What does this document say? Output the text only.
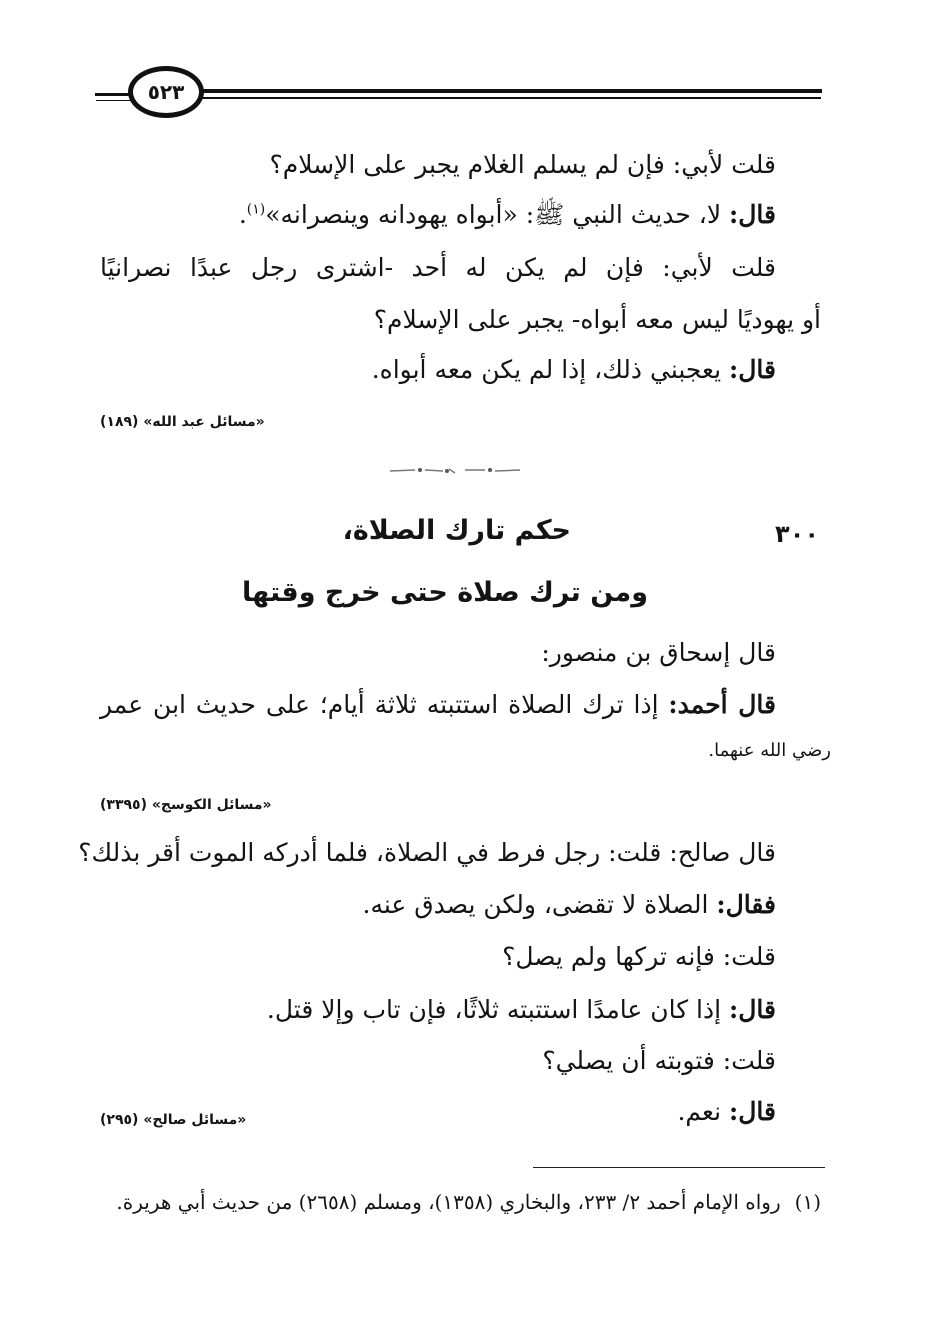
٥٢٣
قلت لأبي: فإن لم يسلم الغلام يجبر على الإسلام؟
قال: لا، حديث النبي ﷺ: «أبواه يهودانه وينصرانه»$^{(١)}$.
قلت لأبي: فإن لم يكن له أحد -اشترى رجل عبدًا نصرانيًا
أو يهوديًا ليس معه أبواه- يجبر على الإسلام؟
قال: يعجبني ذلك، إذا لم يكن معه أبواه.
«مسائل عبد الله» (١٨٩)
٣٠٠
حكم تارك الصلاة،
ومن ترك صلاة حتى خرج وقتها
قال إسحاق بن منصور:
قال أحمد: إذا ترك الصلاة استتبته ثلاثة أيام؛ على حديث ابن عمر
رضي الله عنهما.
«مسائل الكوسج» (٣٣٩٥)
قال صالح: قلت: رجل فرط في الصلاة، فلما أدركه الموت أقر بذلك؟
فقال: الصلاة لا تقضى، ولكن يصدق عنه.
قلت: فإنه تركها ولم يصل؟
قال: إذا كان عامدًا استتبته ثلاثًا، فإن تاب وإلا قتل.
قلت: فتوبته أن يصلي؟
قال: نعم.
«مسائل صالح» (٢٩٥)
(١)رواه الإمام أحمد ٢/ ٢٣٣، والبخاري (١٣٥٨)، ومسلم (٢٦٥٨) من حديث أبي هريرة.
